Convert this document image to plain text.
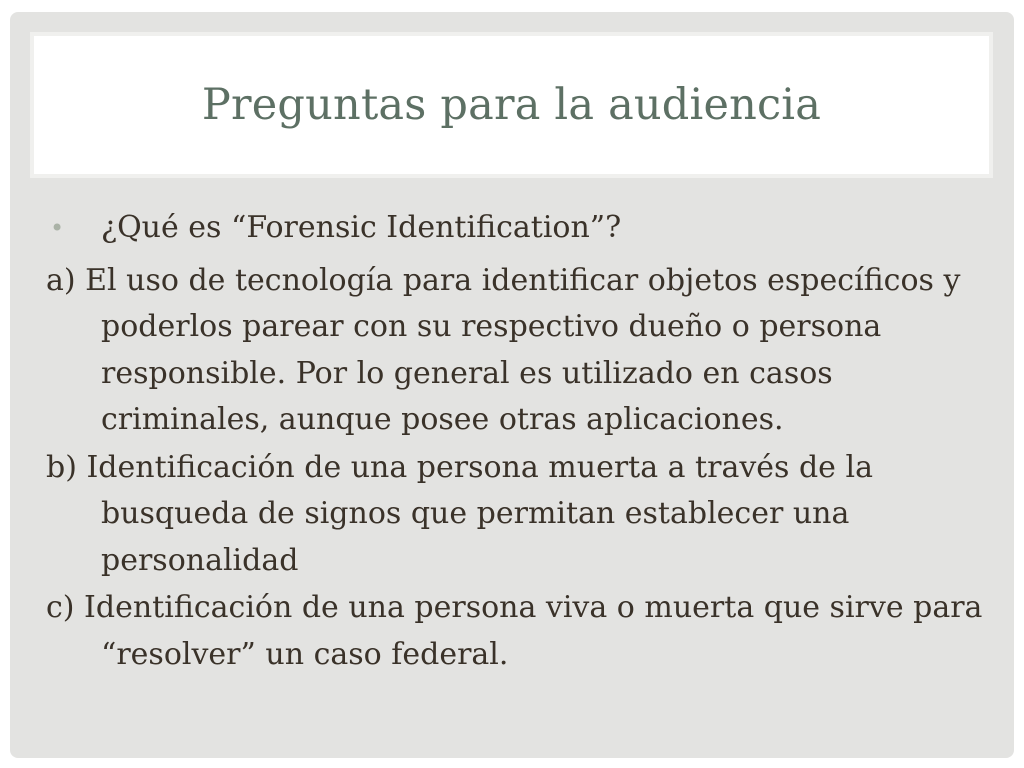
Preguntas para la audiencia
• ¿Qué es “Forensic Identification”?
a) El uso de tecnología para identificar objetos específicos y poderlos parear con su respectivo dueño o persona responsible. Por lo general es utilizado en casos criminales, aunque posee otras aplicaciones.
b) Identificación de una persona muerta a través de la busqueda de signos que permitan establecer una personalidad
c) Identificación de una persona viva o muerta que sirve para “resolver” un caso federal.
